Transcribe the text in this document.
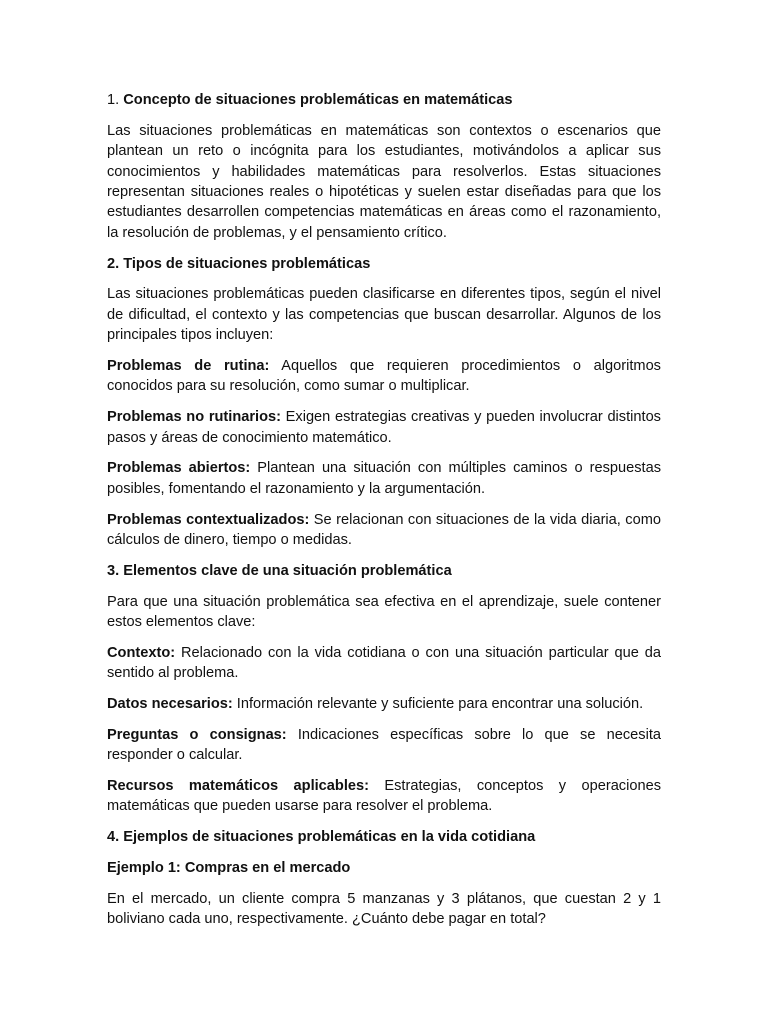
1. Concepto de situaciones problemáticas en matemáticas

Las situaciones problemáticas en matemáticas son contextos o escenarios que plantean un reto o incógnita para los estudiantes, motivándolos a aplicar sus conocimientos y habilidades matemáticas para resolverlos. Estas situaciones representan situaciones reales o hipotéticas y suelen estar diseñadas para que los estudiantes desarrollen competencias matemáticas en áreas como el razonamiento, la resolución de problemas, y el pensamiento crítico.

2. Tipos de situaciones problemáticas

Las situaciones problemáticas pueden clasificarse en diferentes tipos, según el nivel de dificultad, el contexto y las competencias que buscan desarrollar. Algunos de los principales tipos incluyen:

Problemas de rutina: Aquellos que requieren procedimientos o algoritmos conocidos para su resolución, como sumar o multiplicar.

Problemas no rutinarios: Exigen estrategias creativas y pueden involucrar distintos pasos y áreas de conocimiento matemático.

Problemas abiertos: Plantean una situación con múltiples caminos o respuestas posibles, fomentando el razonamiento y la argumentación.

Problemas contextualizados: Se relacionan con situaciones de la vida diaria, como cálculos de dinero, tiempo o medidas.

3. Elementos clave de una situación problemática

Para que una situación problemática sea efectiva en el aprendizaje, suele contener estos elementos clave:

Contexto: Relacionado con la vida cotidiana o con una situación particular que da sentido al problema.

Datos necesarios: Información relevante y suficiente para encontrar una solución.

Preguntas o consignas: Indicaciones específicas sobre lo que se necesita responder o calcular.

Recursos matemáticos aplicables: Estrategias, conceptos y operaciones matemáticas que pueden usarse para resolver el problema.

4. Ejemplos de situaciones problemáticas en la vida cotidiana

Ejemplo 1: Compras en el mercado

En el mercado, un cliente compra 5 manzanas y 3 plátanos, que cuestan 2 y 1 boliviano cada uno, respectivamente. ¿Cuánto debe pagar en total?
